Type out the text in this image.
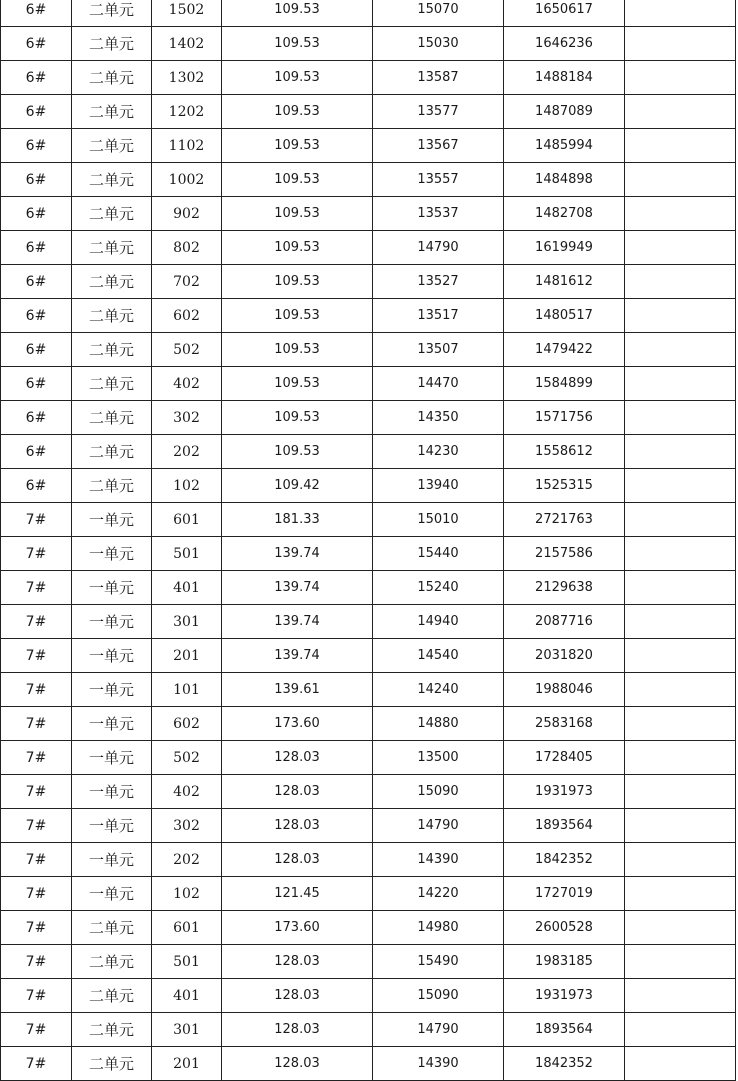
6#	二单元	1502	109.53	15070	1650617	
6#	二单元	1402	109.53	15030	1646236	
6#	二单元	1302	109.53	13587	1488184	
6#	二单元	1202	109.53	13577	1487089	
6#	二单元	1102	109.53	13567	1485994	
6#	二单元	1002	109.53	13557	1484898	
6#	二单元	902	109.53	13537	1482708	
6#	二单元	802	109.53	14790	1619949	
6#	二单元	702	109.53	13527	1481612	
6#	二单元	602	109.53	13517	1480517	
6#	二单元	502	109.53	13507	1479422	
6#	二单元	402	109.53	14470	1584899	
6#	二单元	302	109.53	14350	1571756	
6#	二单元	202	109.53	14230	1558612	
6#	二单元	102	109.42	13940	1525315	
7#	一单元	601	181.33	15010	2721763	
7#	一单元	501	139.74	15440	2157586	
7#	一单元	401	139.74	15240	2129638	
7#	一单元	301	139.74	14940	2087716	
7#	一单元	201	139.74	14540	2031820	
7#	一单元	101	139.61	14240	1988046	
7#	一单元	602	173.60	14880	2583168	
7#	一单元	502	128.03	13500	1728405	
7#	一单元	402	128.03	15090	1931973	
7#	一单元	302	128.03	14790	1893564	
7#	一单元	202	128.03	14390	1842352	
7#	一单元	102	121.45	14220	1727019	
7#	二单元	601	173.60	14980	2600528	
7#	二单元	501	128.03	15490	1983185	
7#	二单元	401	128.03	15090	1931973	
7#	二单元	301	128.03	14790	1893564	
7#	二单元	201	128.03	14390	1842352	
